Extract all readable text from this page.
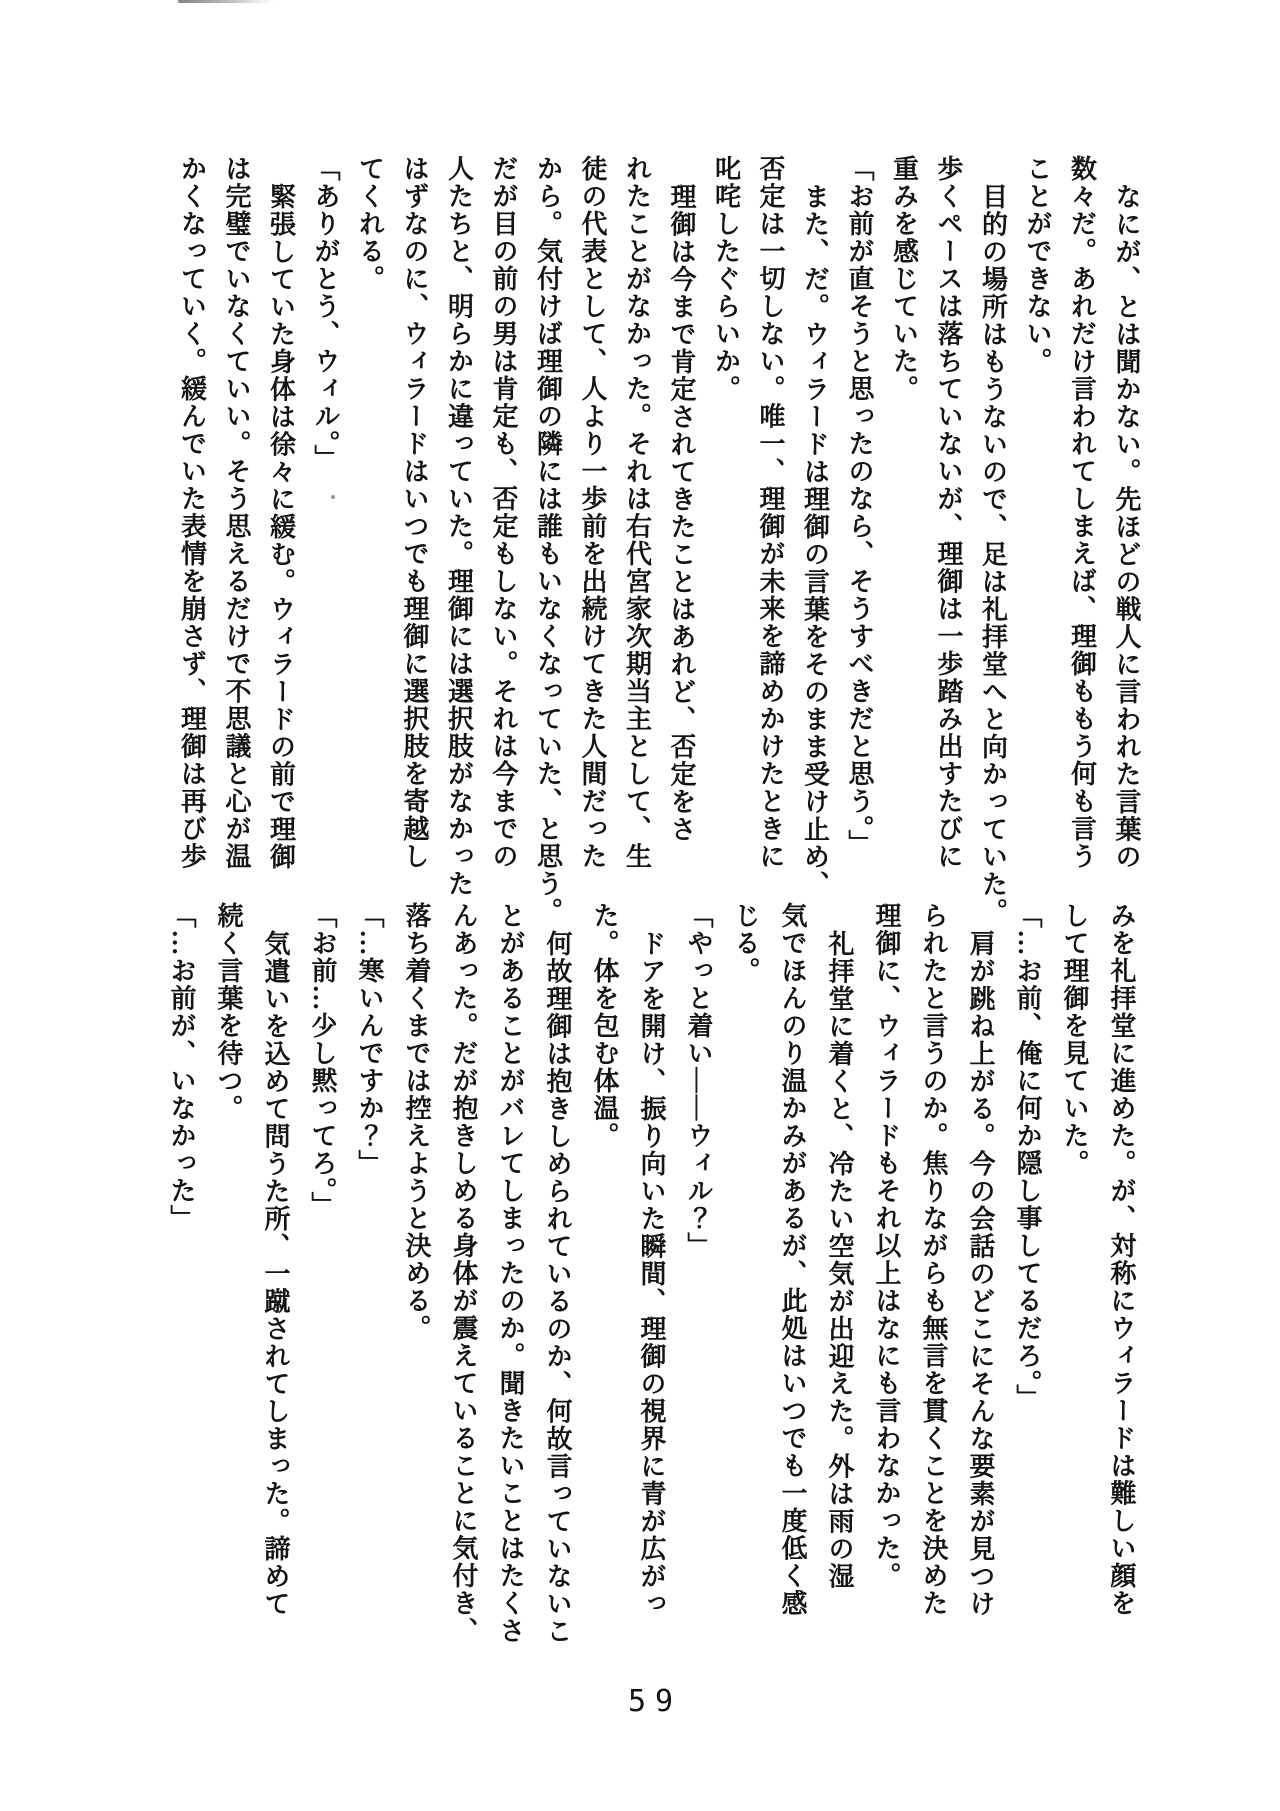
なにが、とは聞かない。先ほどの戦人に言われた言葉の
数々だ。あれだけ言われてしまえば、理御ももう何も言う
ことができない。
目的の場所はもうないので、足は礼拝堂へと向かっていた。
歩くペースは落ちていないが、理御は一歩踏み出すたびに
重みを感じていた。
「お前が直そうと思ったのなら、そうすべきだと思う。」
また、だ。ウィラードは理御の言葉をそのまま受け止め、
否定は一切しない。唯一、理御が未来を諦めかけたときに
叱咤したぐらいか。
理御は今まで肯定されてきたことはあれど、否定をさ
れたことがなかった。それは右代宮家次期当主として、生
徒の代表として、人より一歩前を出続けてきた人間だった
から。気付けば理御の隣には誰もいなくなっていた、と思う。
だが目の前の男は肯定も、否定もしない。それは今までの
人たちと、明らかに違っていた。理御には選択肢がなかった
はずなのに、ウィラードはいつでも理御に選択肢を寄越し
てくれる。
「ありがとう、ウィル。」
緊張していた身体は徐々に緩む。ウィラードの前で理御
は完璧でいなくていい。そう思えるだけで不思議と心が温
かくなっていく。緩んでいた表情を崩さず、理御は再び歩
みを礼拝堂に進めた。が、対称にウィラードは難しい顔を
して理御を見ていた。
「…お前、俺に何か隠し事してるだろ。」
肩が跳ね上がる。今の会話のどこにそんな要素が見つけ
られたと言うのか。焦りながらも無言を貫くことを決めた
理御に、ウィラードもそれ以上はなにも言わなかった。
礼拝堂に着くと、冷たい空気が出迎えた。外は雨の湿
気でほんのり温かみがあるが、此処はいつでも一度低く感
じる。
「やっと着い――ウィル？」
ドアを開け、振り向いた瞬間、理御の視界に青が広がっ
た。体を包む体温。
何故理御は抱きしめられているのか、何故言っていないこ
とがあることがバレてしまったのか。聞きたいことはたくさ
んあった。だが抱きしめる身体が震えていることに気付き、
落ち着くまでは控えようと決める。
「…寒いんですか？」
「お前…少し黙ってろ。」
気遣いを込めて問うた所、一蹴されてしまった。諦めて
続く言葉を待つ。
「…お前が、いなかった」
59
